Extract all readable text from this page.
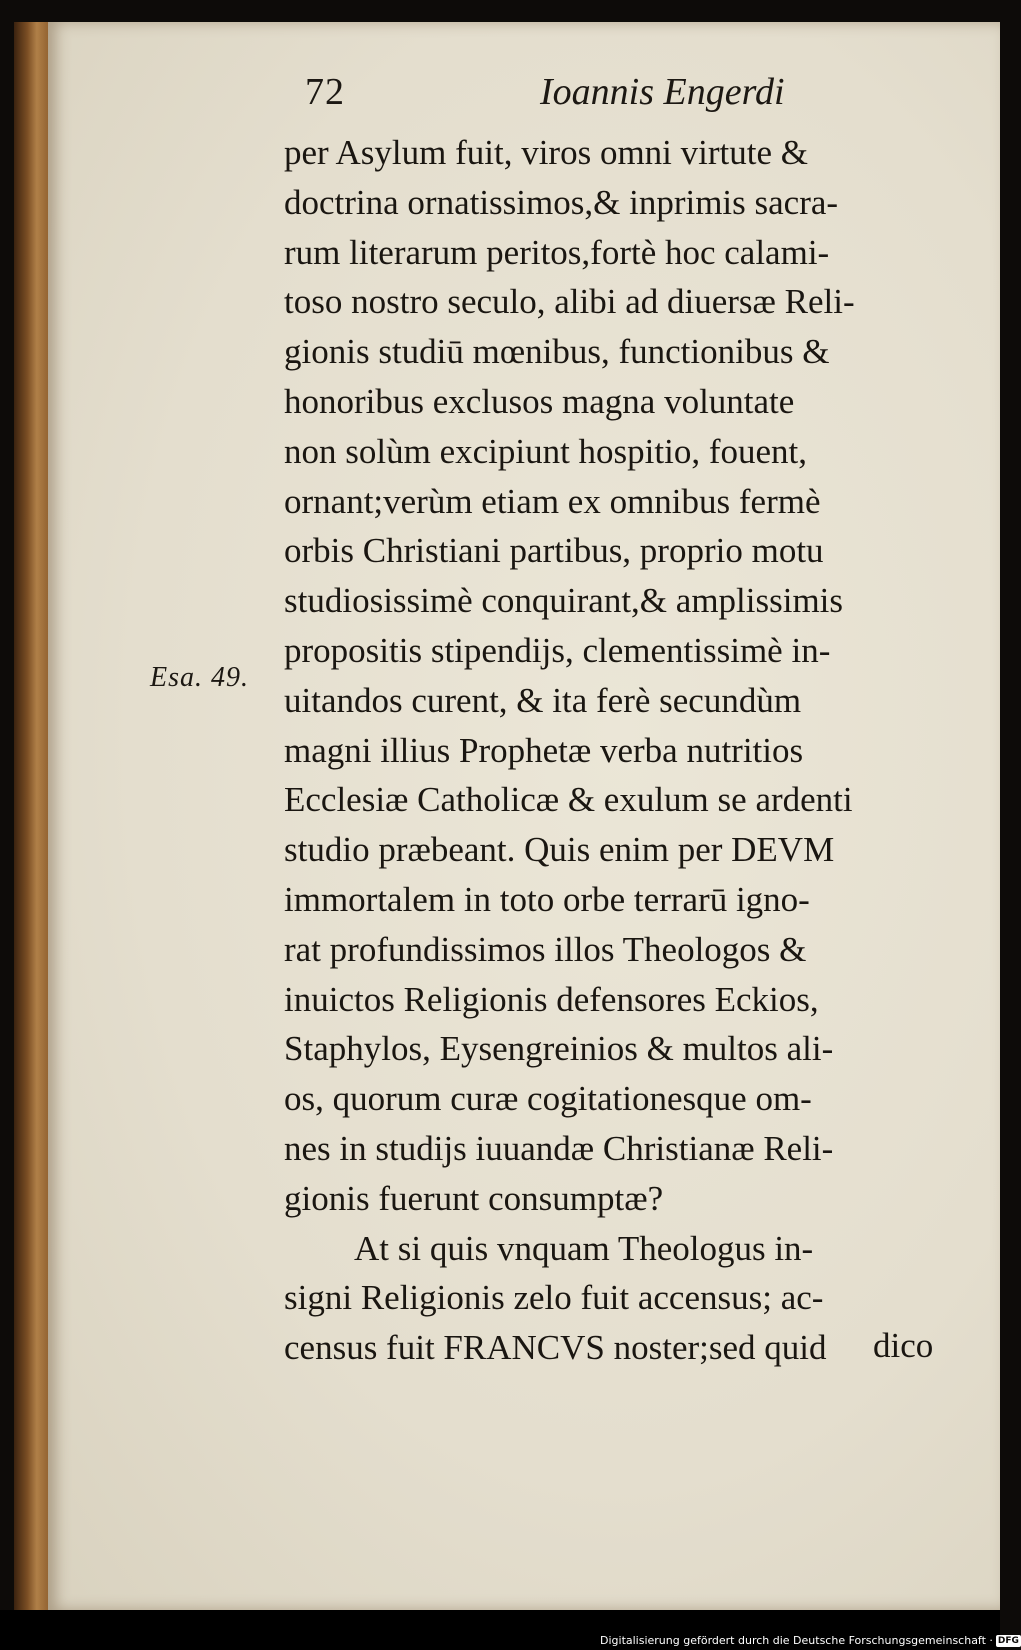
72	Ioannis Engerdi
Esa. 49.
per Asylum fuit, viros omni virtute &
doctrina ornatissimos,& inprimis sacra-
rum literarum peritos,fortè hoc calami-
toso nostro seculo, alibi ad diuersæ Reli-
gionis studiū mœnibus, functionibus &
honoribus exclusos magna voluntate
non solùm excipiunt hospitio, fouent,
ornant;verùm etiam ex omnibus fermè
orbis Christiani partibus, proprio motu
studiosissimè conquirant,& amplissimis
propositis stipendijs, clementissimè in-
uitandos curent, & ita ferè secundùm
magni illius Prophetæ verba nutritios
Ecclesiæ Catholicæ & exulum se ardenti
studio præbeant. Quis enim per DEVM
immortalem in toto orbe terrarū igno-
rat profundissimos illos Theologos &
inuictos Religionis defensores Eckios,
Staphylos, Eysengreinios & multos ali-
os, quorum curæ cogitationesque om-
nes in studijs iuuandæ Christianæ Reli-
gionis fuerunt consumptæ?
At si quis vnquam Theologus in-
signi Religionis zelo fuit accensus; ac-
census fuit FRANCVS noster;sed quid	dico
Digitalisierung gefördert durch die Deutsche Forschungsgemeinschaft · DFG
